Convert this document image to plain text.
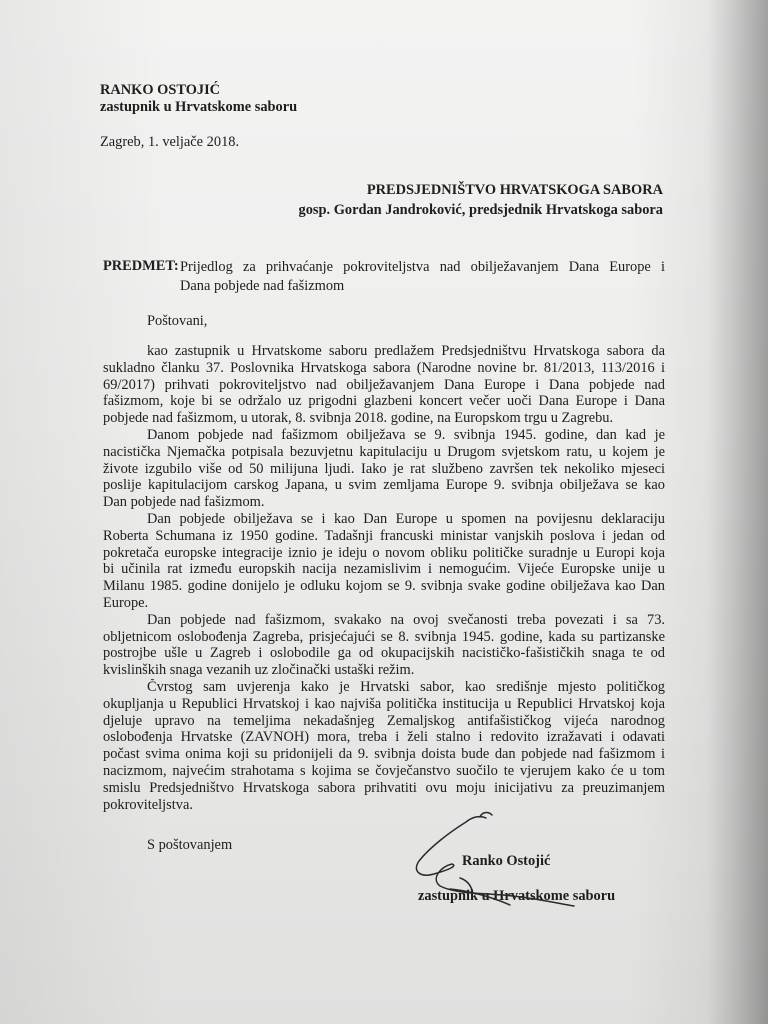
RANKO OSTOJIĆ
zastupnik u Hrvatskome saboru
Zagreb, 1. veljače 2018.
PREDSJEDNIŠTVO HRVATSKOGA SABORA
gosp. Gordan Jandroković, predsjednik Hrvatskoga sabora
PREDMET: Prijedlog za prihvaćanje pokroviteljstva nad obilježavanjem Dana Europe i
Dana pobjede nad fašizmom
Poštovani,
kao zastupnik u Hrvatskome saboru predlažem Predsjedništvu Hrvatskoga sabora da
sukladno članku 37. Poslovnika Hrvatskoga sabora (Narodne novine br. 81/2013, 113/2016 i
69/2017) prihvati pokroviteljstvo nad obilježavanjem Dana Europe i Dana pobjede nad
fašizmom, koje bi se održalo uz prigodni glazbeni koncert večer uoči Dana Europe i Dana
pobjede nad fašizmom, u utorak, 8. svibnja 2018. godine, na Europskom trgu u Zagrebu.
Danom pobjede nad fašizmom obilježava se 9. svibnja 1945. godine, dan kad je
nacistička Njemačka potpisala bezuvjetnu kapitulaciju u Drugom svjetskom ratu, u kojem je
živote izgubilo više od 50 milijuna ljudi. Iako je rat službeno završen tek nekoliko mjeseci
poslije kapitulacijom carskog Japana, u svim zemljama Europe 9. svibnja obilježava se kao
Dan pobjede nad fašizmom.
Dan pobjede obilježava se i kao Dan Europe u spomen na povijesnu deklaraciju
Roberta Schumana iz 1950 godine. Tadašnji francuski ministar vanjskih poslova i jedan od
pokretača europske integracije iznio je ideju o novom obliku političke suradnje u Europi koja
bi učinila rat između europskih nacija nezamislivim i nemogućim. Vijeće Europske unije u
Milanu 1985. godine donijelo je odluku kojom se 9. svibnja svake godine obilježava kao Dan
Europe.
Dan pobjede nad fašizmom, svakako na ovoj svečanosti treba povezati i sa 73.
obljetnicom oslobođenja Zagreba, prisjećajući se 8. svibnja 1945. godine, kada su partizanske
postrojbe ušle u Zagreb i oslobodile ga od okupacijskih nacističko-fašističkih snaga te od
kvislinških snaga vezanih uz zločinački ustaški režim.
Čvrstog sam uvjerenja kako je Hrvatski sabor, kao središnje mjesto političkog
okupljanja u Republici Hrvatskoj i kao najviša politička institucija u Republici Hrvatskoj koja
djeluje upravo na temeljima nekadašnjeg Zemaljskog antifašističkog vijeća narodnog
oslobođenja Hrvatske (ZAVNOH) mora, treba i želi stalno i redovito izražavati i odavati
počast svima onima koji su pridonijeli da 9. svibnja doista bude dan pobjede nad fašizmom i
nacizmom, najvećim strahotama s kojima se čovječanstvo suočilo te vjerujem kako će u tom
smislu Predsjedništvo Hrvatskoga sabora prihvatiti ovu moju inicijativu za preuzimanjem
pokroviteljstva.
S poštovanjem
Ranko Ostojić
zastupnik u Hrvatskome saboru
